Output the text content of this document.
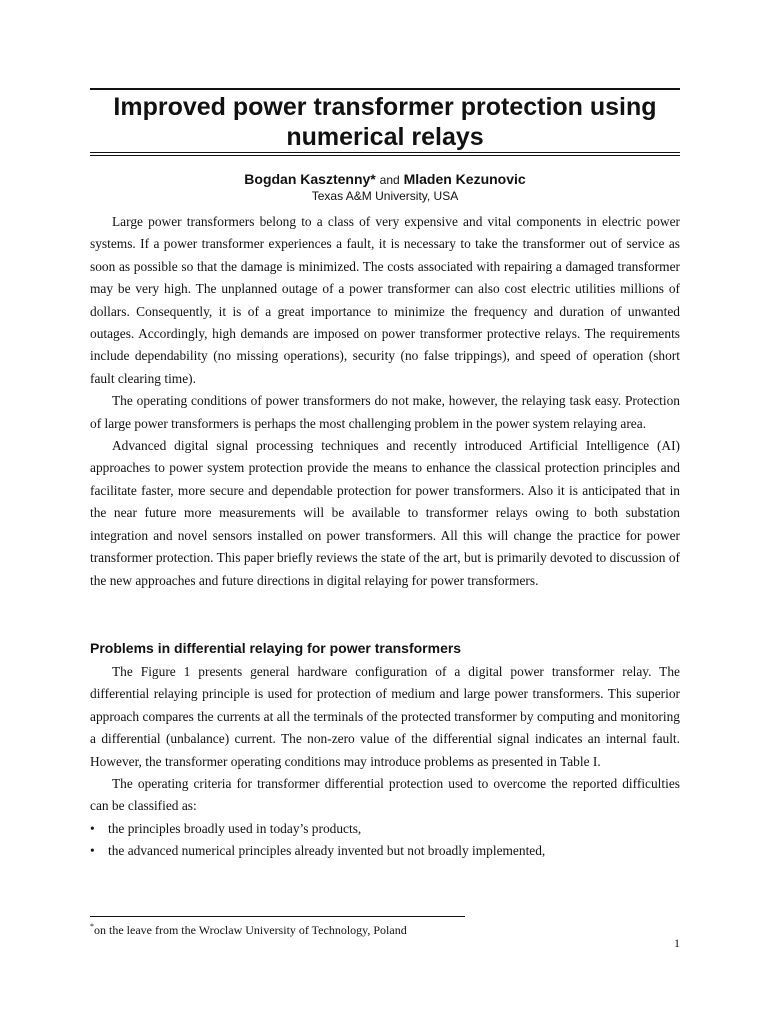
Improved power transformer protection using numerical relays
Bogdan Kasztenny* and Mladen Kezunovic
Texas A&M University, USA

Large power transformers belong to a class of very expensive and vital components in electric power systems. If a power transformer experiences a fault, it is necessary to take the transformer out of service as soon as possible so that the damage is minimized. The costs associated with repairing a damaged transformer may be very high. The unplanned outage of a power transformer can also cost electric utilities millions of dollars. Consequently, it is of a great importance to minimize the frequency and duration of unwanted outages. Accordingly, high demands are imposed on power transformer protective relays. The requirements include dependability (no missing operations), security (no false trippings), and speed of operation (short fault clearing time).

The operating conditions of power transformers do not make, however, the relaying task easy. Protection of large power transformers is perhaps the most challenging problem in the power system relaying area.

Advanced digital signal processing techniques and recently introduced Artificial Intelligence (AI) approaches to power system protection provide the means to enhance the classical protection principles and facilitate faster, more secure and dependable protection for power transformers. Also it is anticipated that in the near future more measurements will be available to transformer relays owing to both substation integration and novel sensors installed on power transformers. All this will change the practice for power transformer protection. This paper briefly reviews the state of the art, but is primarily devoted to discussion of the new approaches and future directions in digital relaying for power transformers.

Problems in differential relaying for power transformers

The Figure 1 presents general hardware configuration of a digital power transformer relay. The differential relaying principle is used for protection of medium and large power transformers. This superior approach compares the currents at all the terminals of the protected transformer by computing and monitoring a differential (unbalance) current. The non-zero value of the differential signal indicates an internal fault. However, the transformer operating conditions may introduce problems as presented in Table I.

The operating criteria for transformer differential protection used to overcome the reported difficulties can be classified as:

• the principles broadly used in today’s products,
• the advanced numerical principles already invented but not broadly implemented,
*on the leave from the Wroclaw University of Technology, Poland
1
